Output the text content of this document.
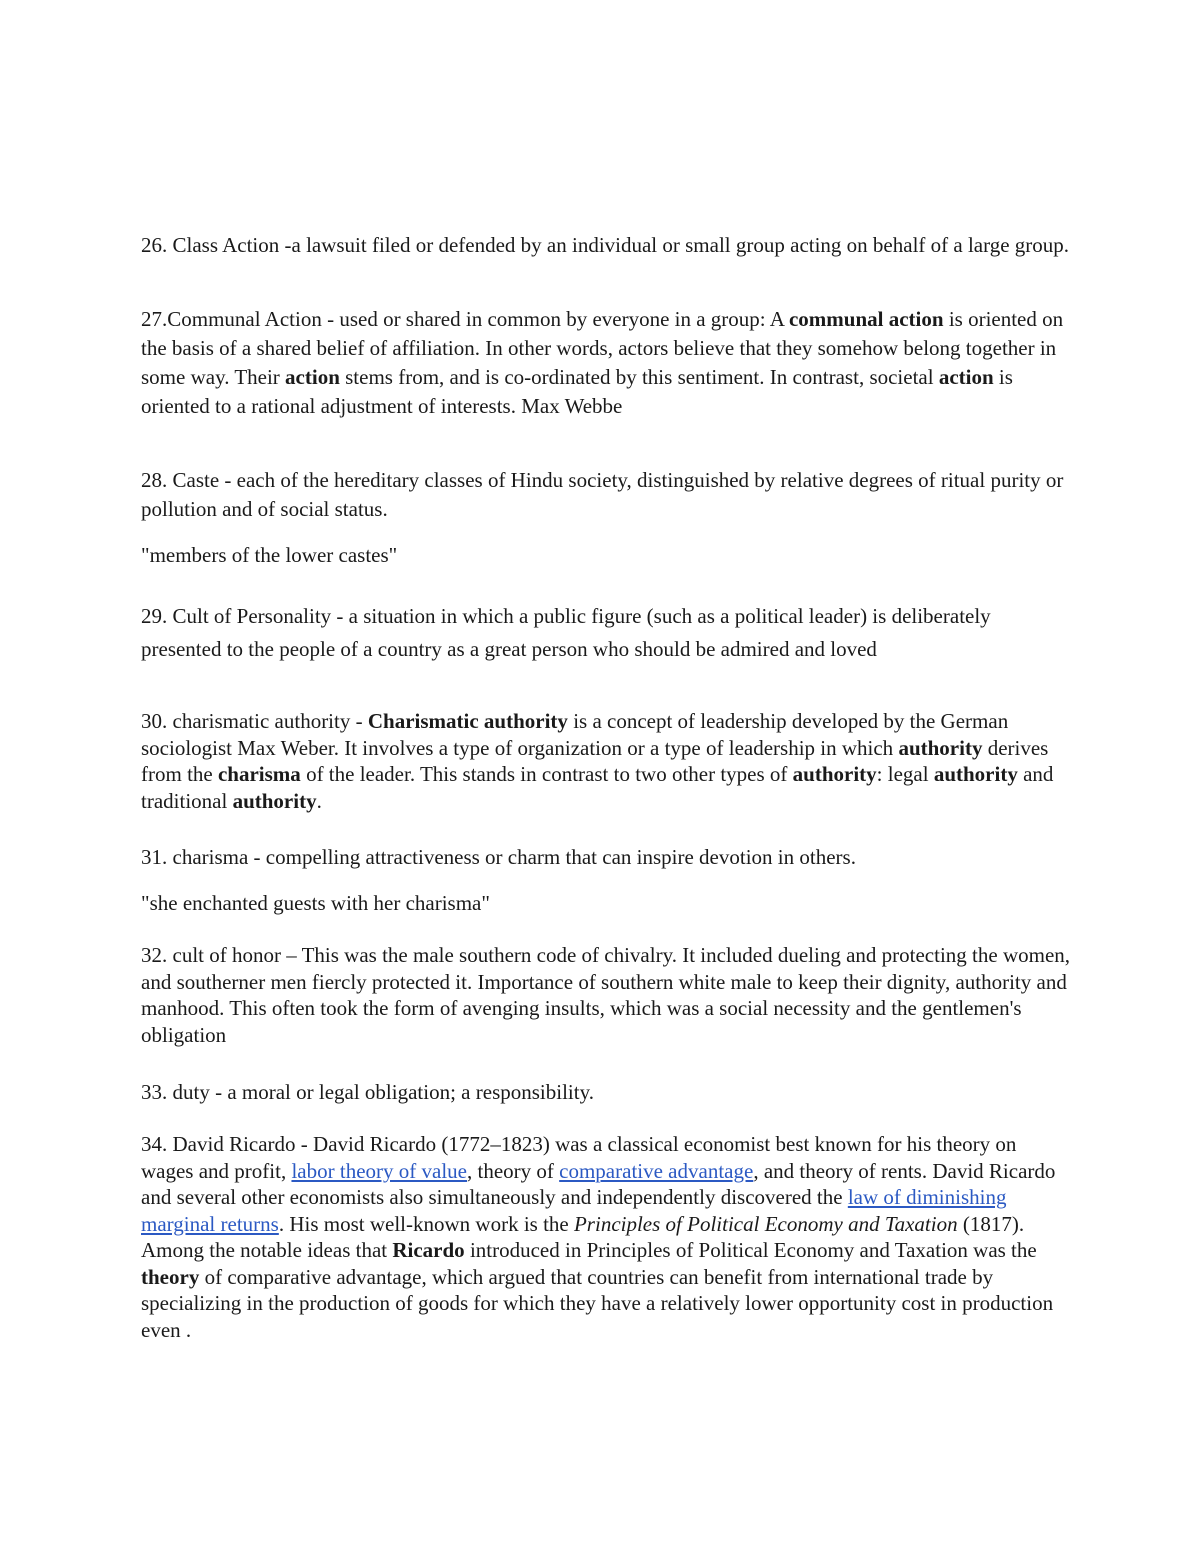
26. Class Action -a lawsuit filed or defended by an individual or small group acting on behalf of a large group.

27.Communal Action - used or shared in common by everyone in a group: A communal action is oriented on the basis of a shared belief of affiliation. In other words, actors believe that they somehow belong together in some way. Their action stems from, and is co-ordinated by this sentiment. In contrast, societal action is oriented to a rational adjustment of interests. Max Webbe

28. Caste - each of the hereditary classes of Hindu society, distinguished by relative degrees of ritual purity or pollution and of social status.

"members of the lower castes"

29. Cult of Personality - a situation in which a public figure (such as a political leader) is deliberately presented to the people of a country as a great person who should be admired and loved

30. charismatic authority - Charismatic authority is a concept of leadership developed by the German sociologist Max Weber. It involves a type of organization or a type of leadership in which authority derives from the charisma of the leader. This stands in contrast to two other types of authority: legal authority and traditional authority.

31. charisma - compelling attractiveness or charm that can inspire devotion in others.

"she enchanted guests with her charisma"

32. cult of honor – This was the male southern code of chivalry. It included dueling and protecting the women, and southerner men fiercly protected it. Importance of southern white male to keep their dignity, authority and manhood. This often took the form of avenging insults, which was a social necessity and the gentlemen's obligation

33. duty - a moral or legal obligation; a responsibility.

34. David Ricardo - David Ricardo (1772–1823) was a classical economist best known for his theory on wages and profit, labor theory of value, theory of comparative advantage, and theory of rents. David Ricardo and several other economists also simultaneously and independently discovered the law of diminishing marginal returns. His most well-known work is the Principles of Political Economy and Taxation (1817). Among the notable ideas that Ricardo introduced in Principles of Political Economy and Taxation was the theory of comparative advantage, which argued that countries can benefit from international trade by specializing in the production of goods for which they have a relatively lower opportunity cost in production even .
